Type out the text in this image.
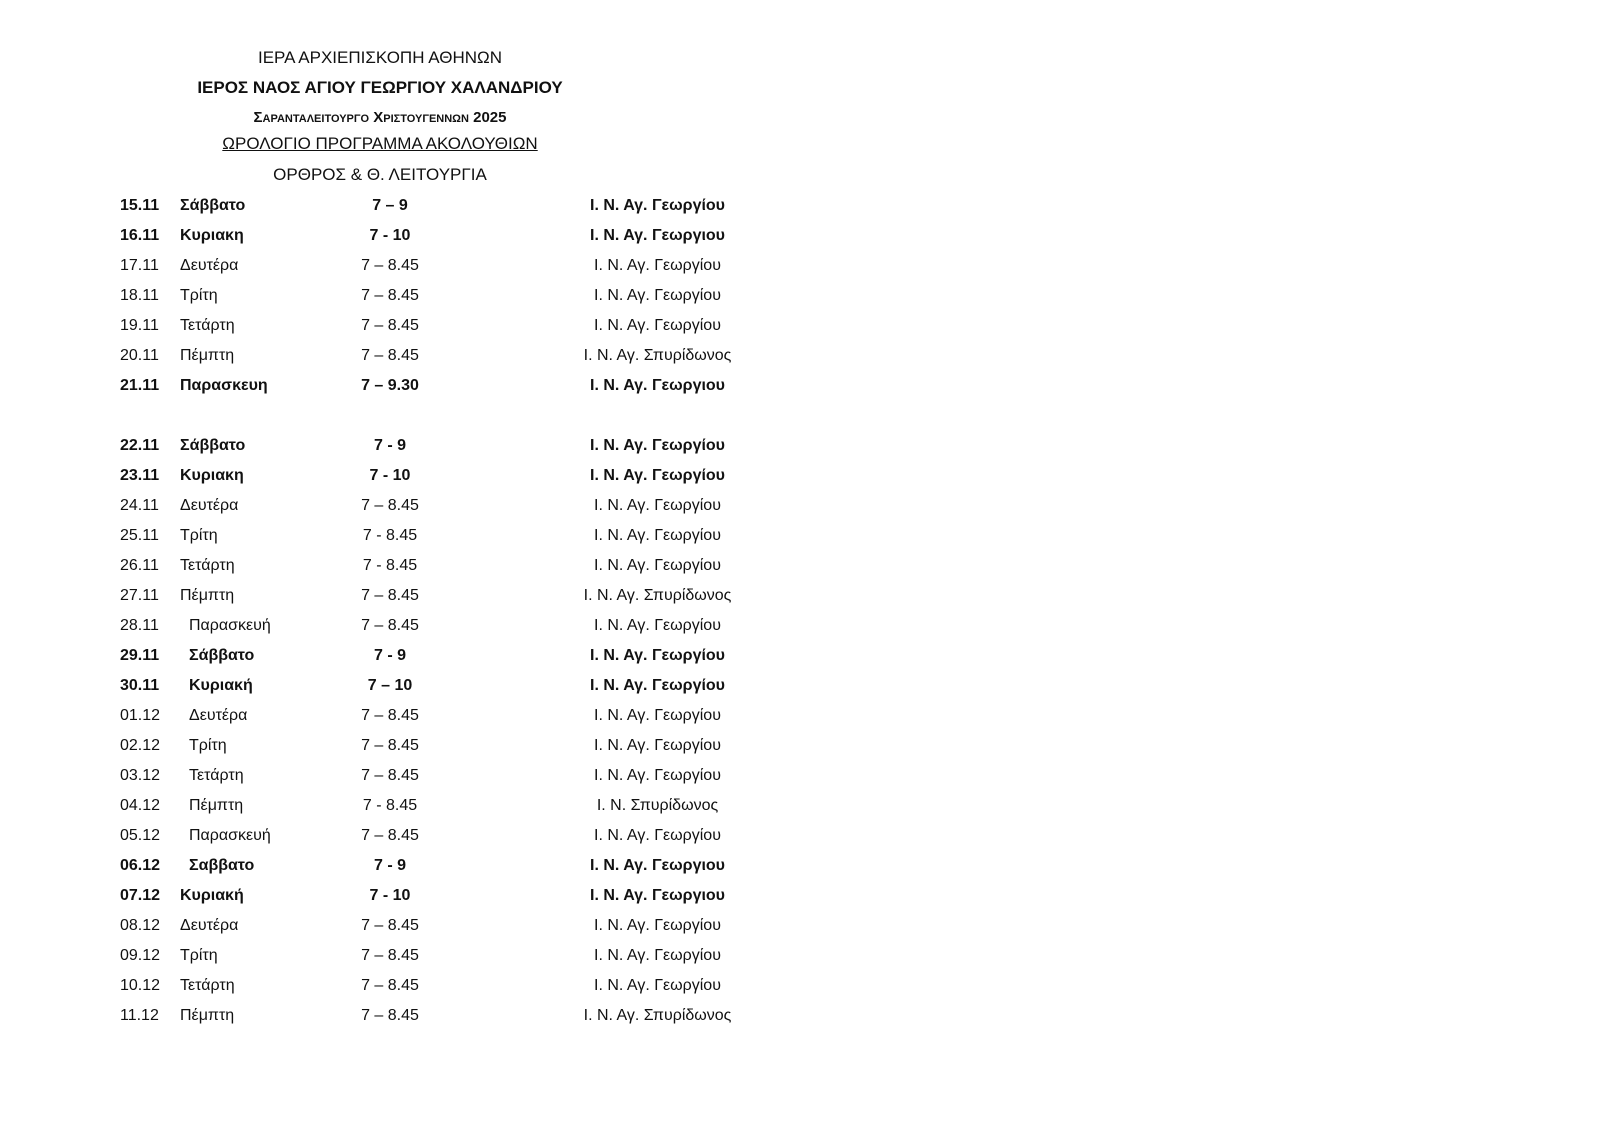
ΙΕΡΑ ΑΡΧΙΕΠΙΣΚΟΠΗ ΑΘΗΝΩΝ
ΙΕΡΟΣ ΝΑΟΣ ΑΓΙΟΥ ΓΕΩΡΓΙΟΥ ΧΑΛΑΝΔΡΙΟΥ
Σαρανταλειτουργο Χριστουγεννων 2025
ΩΡΟΛΟΓΙΟ ΠΡΟΓΡΑΜΜΑ ΑΚΟΛΟΥΘΙΩΝ
ΟΡΘΡΟΣ & Θ. ΛΕΙΤΟΥΡΓΙΑ
15.11 Σάββατο	7 – 9	Ι. Ν. Αγ. Γεωργίου
16.11 Κυριακη	7 - 10	Ι. Ν. Αγ. Γεωργιου
17.11 Δευτέρα	7 – 8.45	Ι. Ν. Αγ. Γεωργίου
18.11 Τρίτη	7 – 8.45	Ι. Ν. Αγ. Γεωργίου
19.11 Τετάρτη	7 – 8.45	Ι. Ν. Αγ. Γεωργίου
20.11 Πέμπτη	7 – 8.45	Ι. Ν. Αγ. Σπυρίδωνος
21.11 Παρασκευη	7 – 9.30	Ι. Ν. Αγ. Γεωργιου
22.11 Σάββατο	7 - 9	Ι. Ν. Αγ. Γεωργίου
23.11 Κυριακη	7 - 10	Ι. Ν. Αγ. Γεωργίου
24.11 Δευτέρα	7 – 8.45	Ι. Ν. Αγ. Γεωργίου
25.11 Τρίτη	7 - 8.45	Ι. Ν. Αγ. Γεωργίου
26.11 Τετάρτη	7 - 8.45	Ι. Ν. Αγ. Γεωργίου
27.11 Πέμπτη	7 – 8.45	Ι. Ν. Αγ. Σπυρίδωνος
28.11 Παρασκευή	7 – 8.45	Ι. Ν. Αγ. Γεωργίου
29.11 Σάββατο	7 - 9	Ι. Ν. Αγ. Γεωργίου
30.11 Κυριακή	7 – 10	Ι. Ν. Αγ. Γεωργίου
01.12 Δευτέρα	7 – 8.45	Ι. Ν. Αγ. Γεωργίου
02.12 Τρίτη	7 – 8.45	Ι. Ν. Αγ. Γεωργίου
03.12 Τετάρτη	7 – 8.45	Ι. Ν. Αγ. Γεωργίου
04.12 Πέμπτη	7 - 8.45	Ι. Ν. Σπυρίδωνος
05.12 Παρασκευή	7 – 8.45	Ι. Ν. Αγ. Γεωργίου
06.12 Σαββατο	7 - 9	Ι. Ν. Αγ. Γεωργιου
07.12 Κυριακή	7 - 10	Ι. Ν. Αγ. Γεωργιου
08.12 Δευτέρα	7 – 8.45	Ι. Ν. Αγ. Γεωργίου
09.12 Τρίτη	7 – 8.45	Ι. Ν. Αγ. Γεωργίου
10.12 Τετάρτη	7 – 8.45	Ι. Ν. Αγ. Γεωργίου
11.12 Πέμπτη	7 – 8.45	Ι. Ν. Αγ. Σπυρίδωνος
